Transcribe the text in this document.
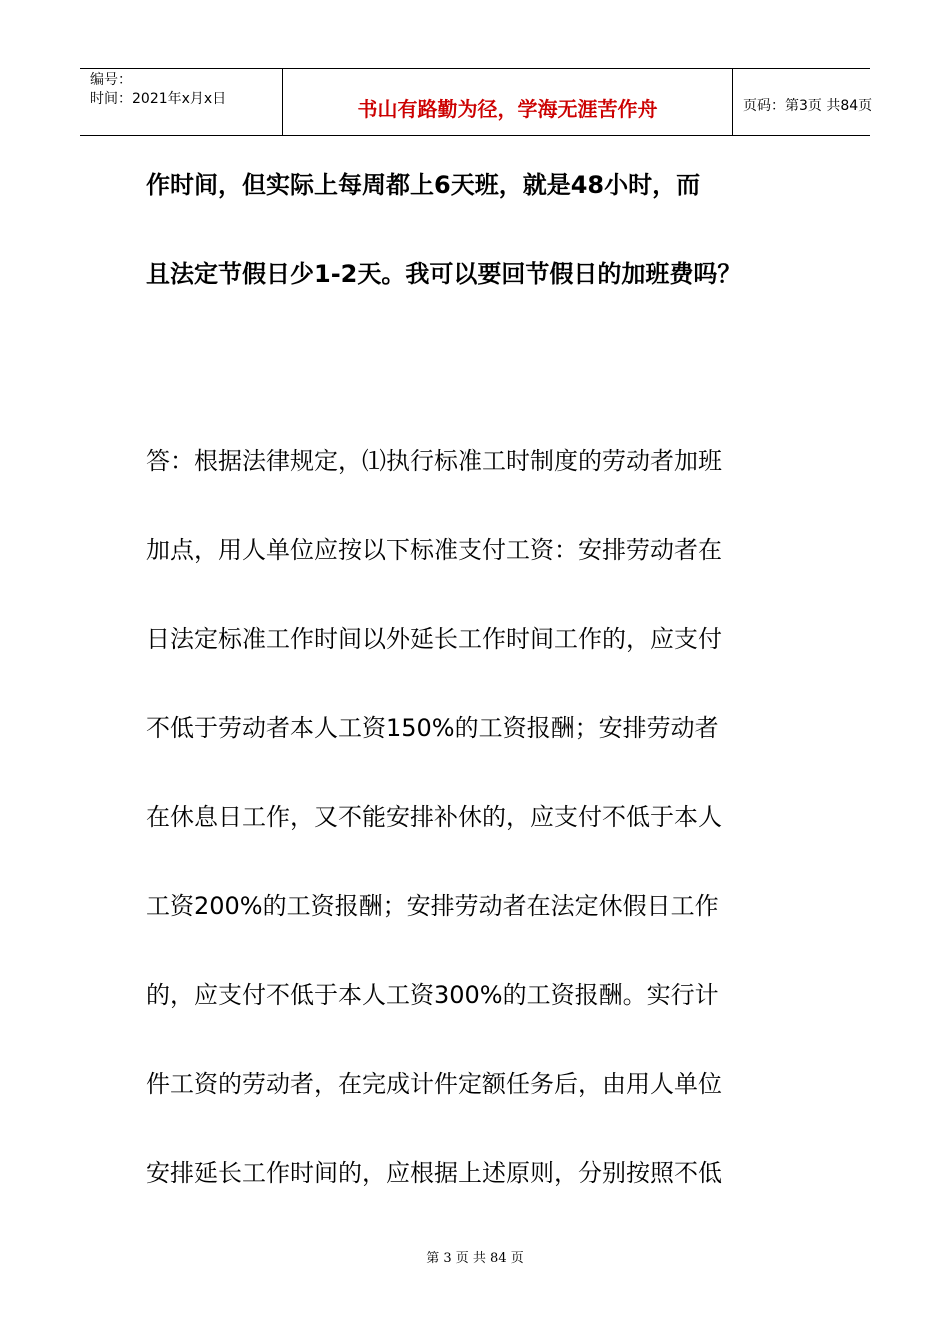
编号：
时间：2021年x月x日	书山有路勤为径，学海无涯苦作舟	页码：第3页 共84页
作时间，但实际上每周都上6天班，就是48小时，而
且法定节假日少1-2天。我可以要回节假日的加班费吗？
答：根据法律规定，⑴执行标准工时制度的劳动者加班
加点，用人单位应按以下标准支付工资：安排劳动者在
日法定标准工作时间以外延长工作时间工作的，应支付
不低于劳动者本人工资150%的工资报酬；安排劳动者
在休息日工作，又不能安排补休的，应支付不低于本人
工资200%的工资报酬；安排劳动者在法定休假日工作
的，应支付不低于本人工资300%的工资报酬。实行计
件工资的劳动者，在完成计件定额任务后，由用人单位
安排延长工作时间的，应根据上述原则，分别按照不低
第 3 页 共 84 页
